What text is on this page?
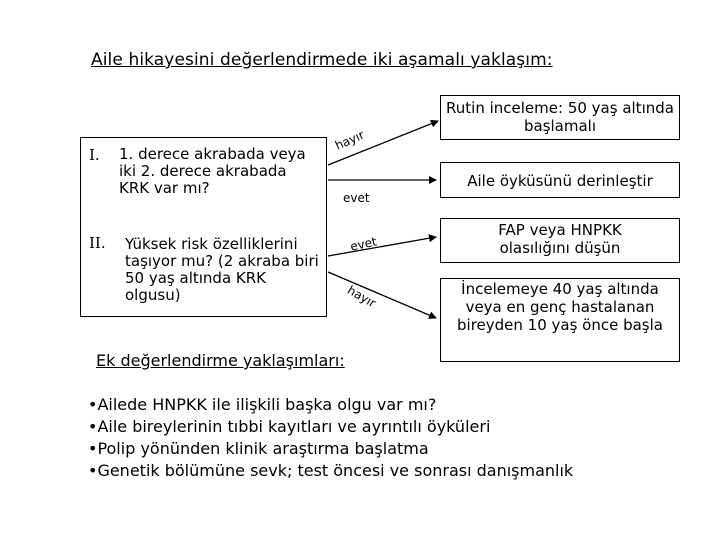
Aile hikayesini değerlendirmede iki aşamalı yaklaşım:
I. 1. derece akrabada veya iki 2. derece akrabada KRK var mı?
II. Yüksek risk özelliklerini taşıyor mu? (2 akraba biri 50 yaş altında KRK olgusu)
hayır
evet
evet
hayır
Rutin inceleme: 50 yaş altında başlamalı
Aile öyküsünü derinleştir
FAP veya HNPKK olasılığını düşün
İncelemeye 40 yaş altında veya en genç hastalanan bireyden 10 yaş önce başla
Ek değerlendirme yaklaşımları:
•Ailede HNPKK ile ilişkili başka olgu var mı?
•Aile bireylerinin tıbbi kayıtları ve ayrıntılı öyküleri
•Polip yönünden klinik araştırma başlatma
•Genetik bölümüne sevk; test öncesi ve sonrası danışmanlık
